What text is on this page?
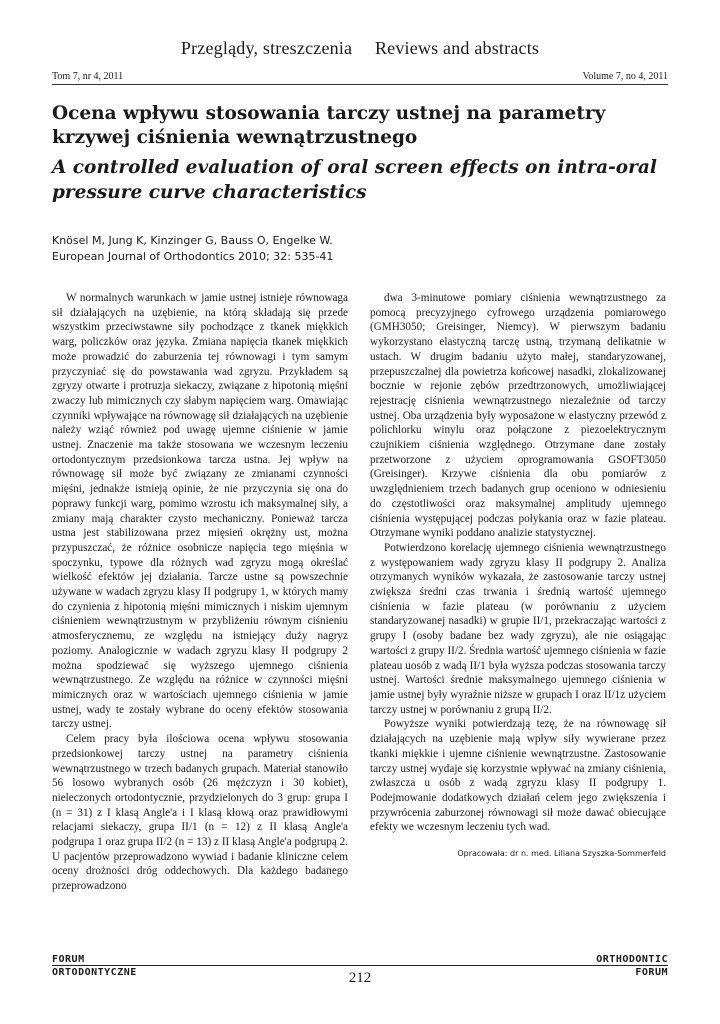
Przeglądy, streszczenia Reviews and abstracts
Tom 7, nr 4, 2011	Volume 7, no 4, 2011
Ocena wpływu stosowania tarczy ustnej na parametry krzywej ciśnienia wewnątrzustnego
A controlled evaluation of oral screen effects on intra-oral pressure curve characteristics
Knösel M, Jung K, Kinzinger G, Bauss O, Engelke W.
European Journal of Orthodontics 2010; 32: 535-41

W normalnych warunkach w jamie ustnej istnieje równowaga sił działających na uzębienie, na którą składają się przede wszystkim przeciwstawne siły pochodzące z tkanek miękkich warg, policzków oraz języka. Zmiana napięcia tkanek miękkich może prowadzić do zaburzenia tej równowagi i tym samym przyczyniać się do powstawania wad zgryzu. Przykładem są zgryzy otwarte i protruzja siekaczy, związane z hipotonią mięśni zwaczy lub mimicznych czy słabym napięciem warg. Omawiając czynniki wpływające na równowagę sił działających na uzębienie należy wziąć również pod uwagę ujemne ciśnienie w jamie ustnej. Znaczenie ma także stosowana we wczesnym leczeniu ortodontycznym przedsionkowa tarcza ustna. Jej wpływ na równowagę sił może być związany ze zmianami czynności mięśni, jednakże istnieją opinie, że nie przyczynia się ona do poprawy funkcji warg, pomimo wzrostu ich maksymalnej siły, a zmiany mają charakter czysto mechaniczny. Ponieważ tarcza ustna jest stabilizowana przez mięsień okrężny ust, można przypuszczać, że różnice osobnicze napięcia tego mięśnia w spoczynku, typowe dla różnych wad zgryzu mogą określać wielkość efektów jej działania. Tarcze ustne są powszechnie używane w wadach zgryzu klasy II podgrupy 1, w których mamy do czynienia z hipotonią mięśni mimicznych i niskim ujemnym ciśnieniem wewnątrzustnym w przybliżeniu równym ciśnieniu atmosferycznemu, ze względu na istniejący duży nagryz poziomy. Analogicznie w wadach zgryzu klasy II podgrupy 2 można spodziewać się wyższego ujemnego ciśnienia wewnątrzustnego. Ze względu na różnice w czynności mięśni mimicznych oraz w wartościach ujemnego ciśnienia w jamie ustnej, wady te zostały wybrane do oceny efektów stosowania tarczy ustnej.

Celem pracy była ilościowa ocena wpływu stosowania przedsionkowej tarczy ustnej na parametry ciśnienia wewnątrzustnego w trzech badanych grupach. Materiał stanowiło 56 losowo wybranych osób (26 mężczyzn i 30 kobiet), nieleczonych ortodontycznie, przydzielonych do 3 grup: grupa I (n = 31) z I klasą Angle'a i I klasą kłową oraz prawidłowymi relacjami siekaczy, grupa II/1 (n = 12) z II klasą Angle'a podgrupa 1 oraz grupa II/2 (n = 13) z II klasą Angle'a podgrupą 2. U pacjentów przeprowadzono wywiad i badanie kliniczne celem oceny drożności dróg oddechowych. Dla każdego badanego przeprowadzono

dwa 3-minutowe pomiary ciśnienia wewnątrzustnego za pomocą precyzyjnego cyfrowego urządzenia pomiarowego (GMH3050; Greisinger, Niemcy). W pierwszym badaniu wykorzystano elastyczną tarczę ustną, trzymaną delikatnie w ustach. W drugim badaniu użyto małej, standaryzowanej, przepuszczalnej dla powietrza końcowej nasadki, zlokalizowanej bocznie w rejonie zębów przedtrzonowych, umożliwiającej rejestrację ciśnienia wewnątrzustnego niezależnie od tarczy ustnej. Oba urządzenia były wyposażone w elastyczny przewód z polichlorku winylu oraz połączone z piezoelektrycznym czujnikiem ciśnienia względnego. Otrzymane dane zostały przetworzone z użyciem oprogramowania GSOFT3050 (Greisinger). Krzywe ciśnienia dla obu pomiarów z uwzględnieniem trzech badanych grup oceniono w odniesieniu do częstotliwości oraz maksymalnej amplitudy ujemnego ciśnienia występującej podczas połykania oraz w fazie plateau. Otrzymane wyniki poddano analizie statystycznej.

Potwierdzono korelację ujemnego ciśnienia wewnątrzustnego z występowaniem wady zgryzu klasy II podgrupy 2. Analiza otrzymanych wyników wykazała, że zastosowanie tarczy ustnej zwiększa średni czas trwania i średnią wartość ujemnego ciśnienia w fazie plateau (w porównaniu z użyciem standaryzowanej nasadki) w grupie II/1, przekraczając wartości z grupy I (osoby badane bez wady zgryzu), ale nie osiągając wartości z grupy II/2. Średnia wartość ujemnego ciśnienia w fazie plateau uosób z wadą II/1 była wyższa podczas stosowania tarczy ustnej. Wartości średnie maksymalnego ujemnego ciśnienia w jamie ustnej były wyraźnie niższe w grupach I oraz II/1z użyciem tarczy ustnej w porównaniu z grupą II/2.

Powyższe wyniki potwierdzają tezę, że na równowagę sił działających na uzębienie mają wpływ siły wywierane przez tkanki miękkie i ujemne ciśnienie wewnątrzustne. Zastosowanie tarczy ustnej wydaje się korzystnie wpływać na zmiany ciśnienia, zwłaszcza u osób z wadą zgryzu klasy II podgrupy 1. Podejmowanie dodatkowych działań celem jego zwiększenia i przywrócenia zaburzonej równowagi sił może dawać obiecujące efekty we wczesnym leczeniu tych wad.

Opracowała: dr n. med. Liliana Szyszka-Sommerfeld

FORUM
ORTODONTYCZNE
ORTHODONTIC
FORUM
212
